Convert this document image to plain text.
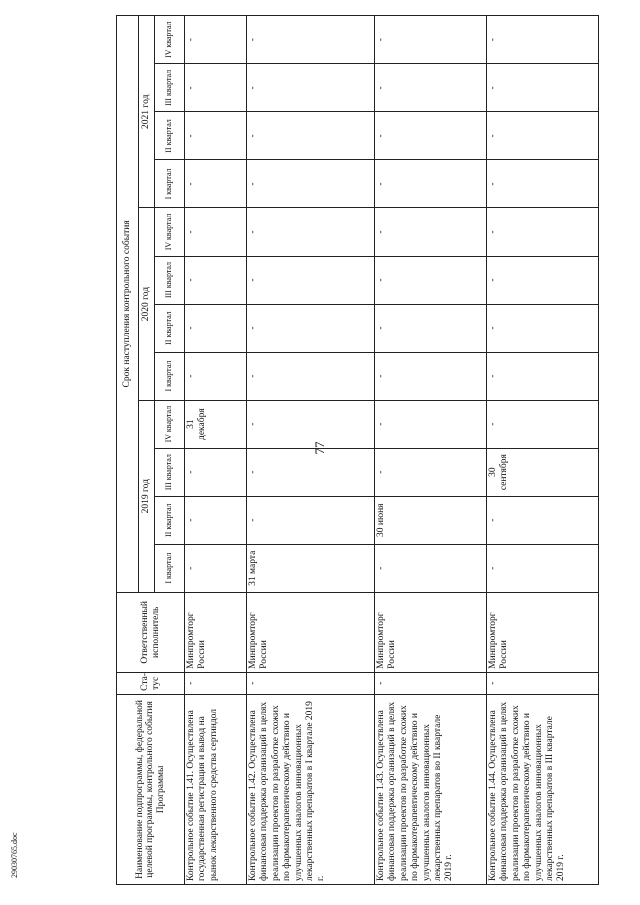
77
29030765.doc	Наименование подпрограммы, федеральной целевой программы, контрольного события Программы	Ста-тус	Ответственный исполнитель	Срок наступления контрольного события											
			2019 год				2020 год				2021 год			
			I квартал	II квартал	III квартал	IV квартал	I квартал	II квартал	III квартал	IV квартал	I квартал	II квартал	III квартал	IV квартал
Контрольное событие 1.41. Осуществлена государственная регистрация и вывод на рынок лекарственного средства сертиндол	-	Минпромторг России	-	-	-	31 декабря	-	-	-	-	-	-	-	-
Контрольное событие 1.42. Осуществлена финансовая поддержка организаций в целях реализации проектов по разработке схожих по фармакотерапевтическому действию и улучшенных аналогов инновационных лекарственных препаратов в I квартале 2019 г.	-	Минпромторг России	31 марта	-	-	-	-	-	-	-	-	-	-	-
Контрольное событие 1.43. Осуществлена финансовая поддержка организаций в целях реализации проектов по разработке схожих по фармакотерапевтическому действию и улучшенных аналогов инновационных лекарственных препаратов во II квартале 2019 г.	-	Минпромторг России	-	30 июня	-	-	-	-	-	-	-	-	-	-
Контрольное событие 1.44. Осуществлена финансовая поддержка организаций в целях реализации проектов по разработке схожих по фармакотерапевтическому действию и улучшенных аналогов инновационных лекарственных препаратов в III квартале 2019 г.	-	Минпромторг России	-	-	30 сентября	-	-	-	-	-	-	-	-	-
